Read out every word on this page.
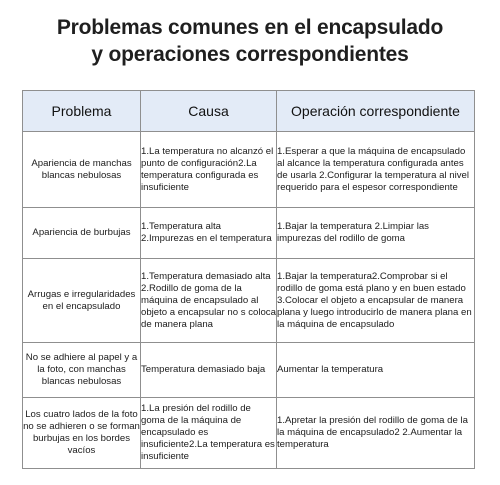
Problemas comunes en el encapsulado
y operaciones correspondientes
Problema	Causa	Operación correspondiente
Apariencia de manchas blancas nebulosas	1.La temperatura no alcanzó el punto de configuración2.La temperatura configurada es insuficiente	1.Esperar a que la máquina de encapsulado al alcance la temperatura configurada antes de usarla 2.Configurar la temperatura al nivel requerido para el espesor correspondiente
Apariencia de burbujas	1.Temperatura alta 2.Impurezas en el temperatura	1.Bajar la temperatura 2.Limpiar las impurezas del rodillo de goma
Arrugas e irregularidades en el encapsulado	1.Temperatura demasiado alta 2.Rodillo de goma de la máquina de encapsulado al objeto a encapsular no s coloca de manera plana	1.Bajar la temperatura2.Comprobar si el rodillo de goma está plano y en buen estado 3.Colocar el objeto a encapsular de manera plana y luego introducirlo de manera plana en la máquina de encapsulado
No se adhiere al papel y a la foto, con manchas blancas nebulosas	Temperatura demasiado baja	Aumentar la temperatura
Los cuatro lados de la foto no se adhieren o se forman burbujas en los bordes vacíos	1.La presión del rodillo de goma de la máquina de encapsulado es insuficiente2.La temperatura es insuficiente	1.Apretar la presión del rodillo de goma de la la máquina de encapsulado2 2.Aumentar la temperatura
